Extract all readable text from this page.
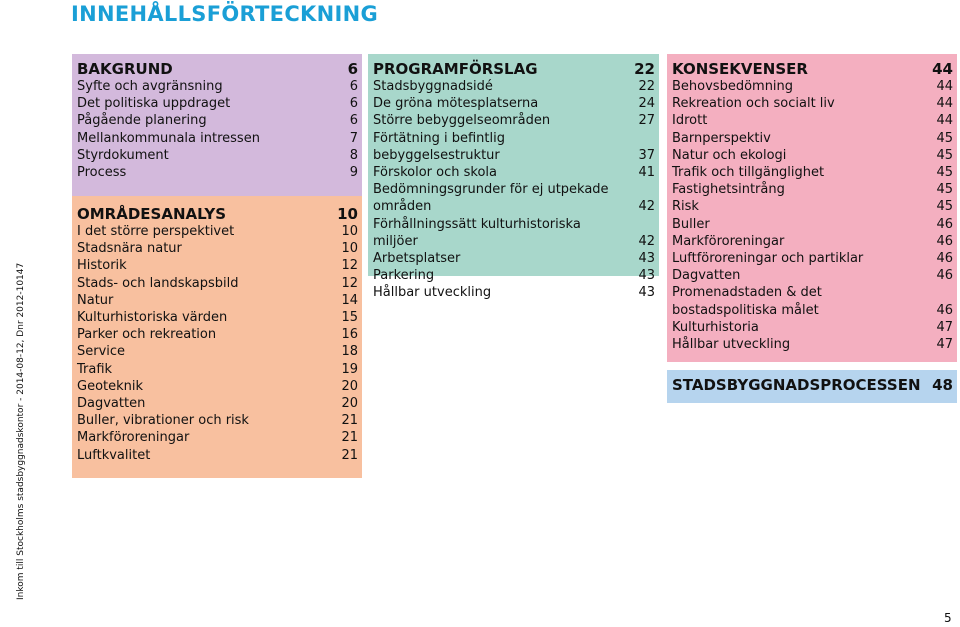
INNEHÅLLSFÖRTECKNING
Inkom till Stockholms stadsbyggnadskontor - 2014-08-12, Dnr 2012-10147
BAKGRUND	6
Syfte och avgränsning	6
Det politiska uppdraget	6
Pågående planering	6
Mellankommunala intressen	7
Styrdokument	8
Process	9
OMRÅDESANALYS	10
I det större perspektivet	10
Stadsnära natur	10
Historik	12
Stads- och landskapsbild	12
Natur	14
Kulturhistoriska värden	15
Parker och rekreation	16
Service	18
Trafik	19
Geoteknik	20
Dagvatten	20
Buller, vibrationer och risk	21
Markföroreningar	21
Luftkvalitet	21
PROGRAMFÖRSLAG	22
Stadsbyggnadsidé	22
De gröna mötesplatserna	24
Större bebyggelseområden	27
Förtätning i befintlig bebyggelsestruktur	37
Förskolor och skola	41
Bedömningsgrunder för ej utpekade områden	42
Förhållningssätt kulturhistoriska miljöer	42
Arbetsplatser	43
Parkering	43
Hållbar utveckling	43
KONSEKVENSER	44
Behovsbedömning	44
Rekreation och socialt liv	44
Idrott	44
Barnperspektiv	45
Natur och ekologi	45
Trafik och tillgänglighet	45
Fastighetsintrång	45
Risk	45
Buller	46
Markföroreningar	46
Luftföroreningar och partiklar	46
Dagvatten	46
Promenadstaden & det bostadspolitiska målet	46
Kulturhistoria	47
Hållbar utveckling	47
STADSBYGGNADSPROCESSEN 48
5
